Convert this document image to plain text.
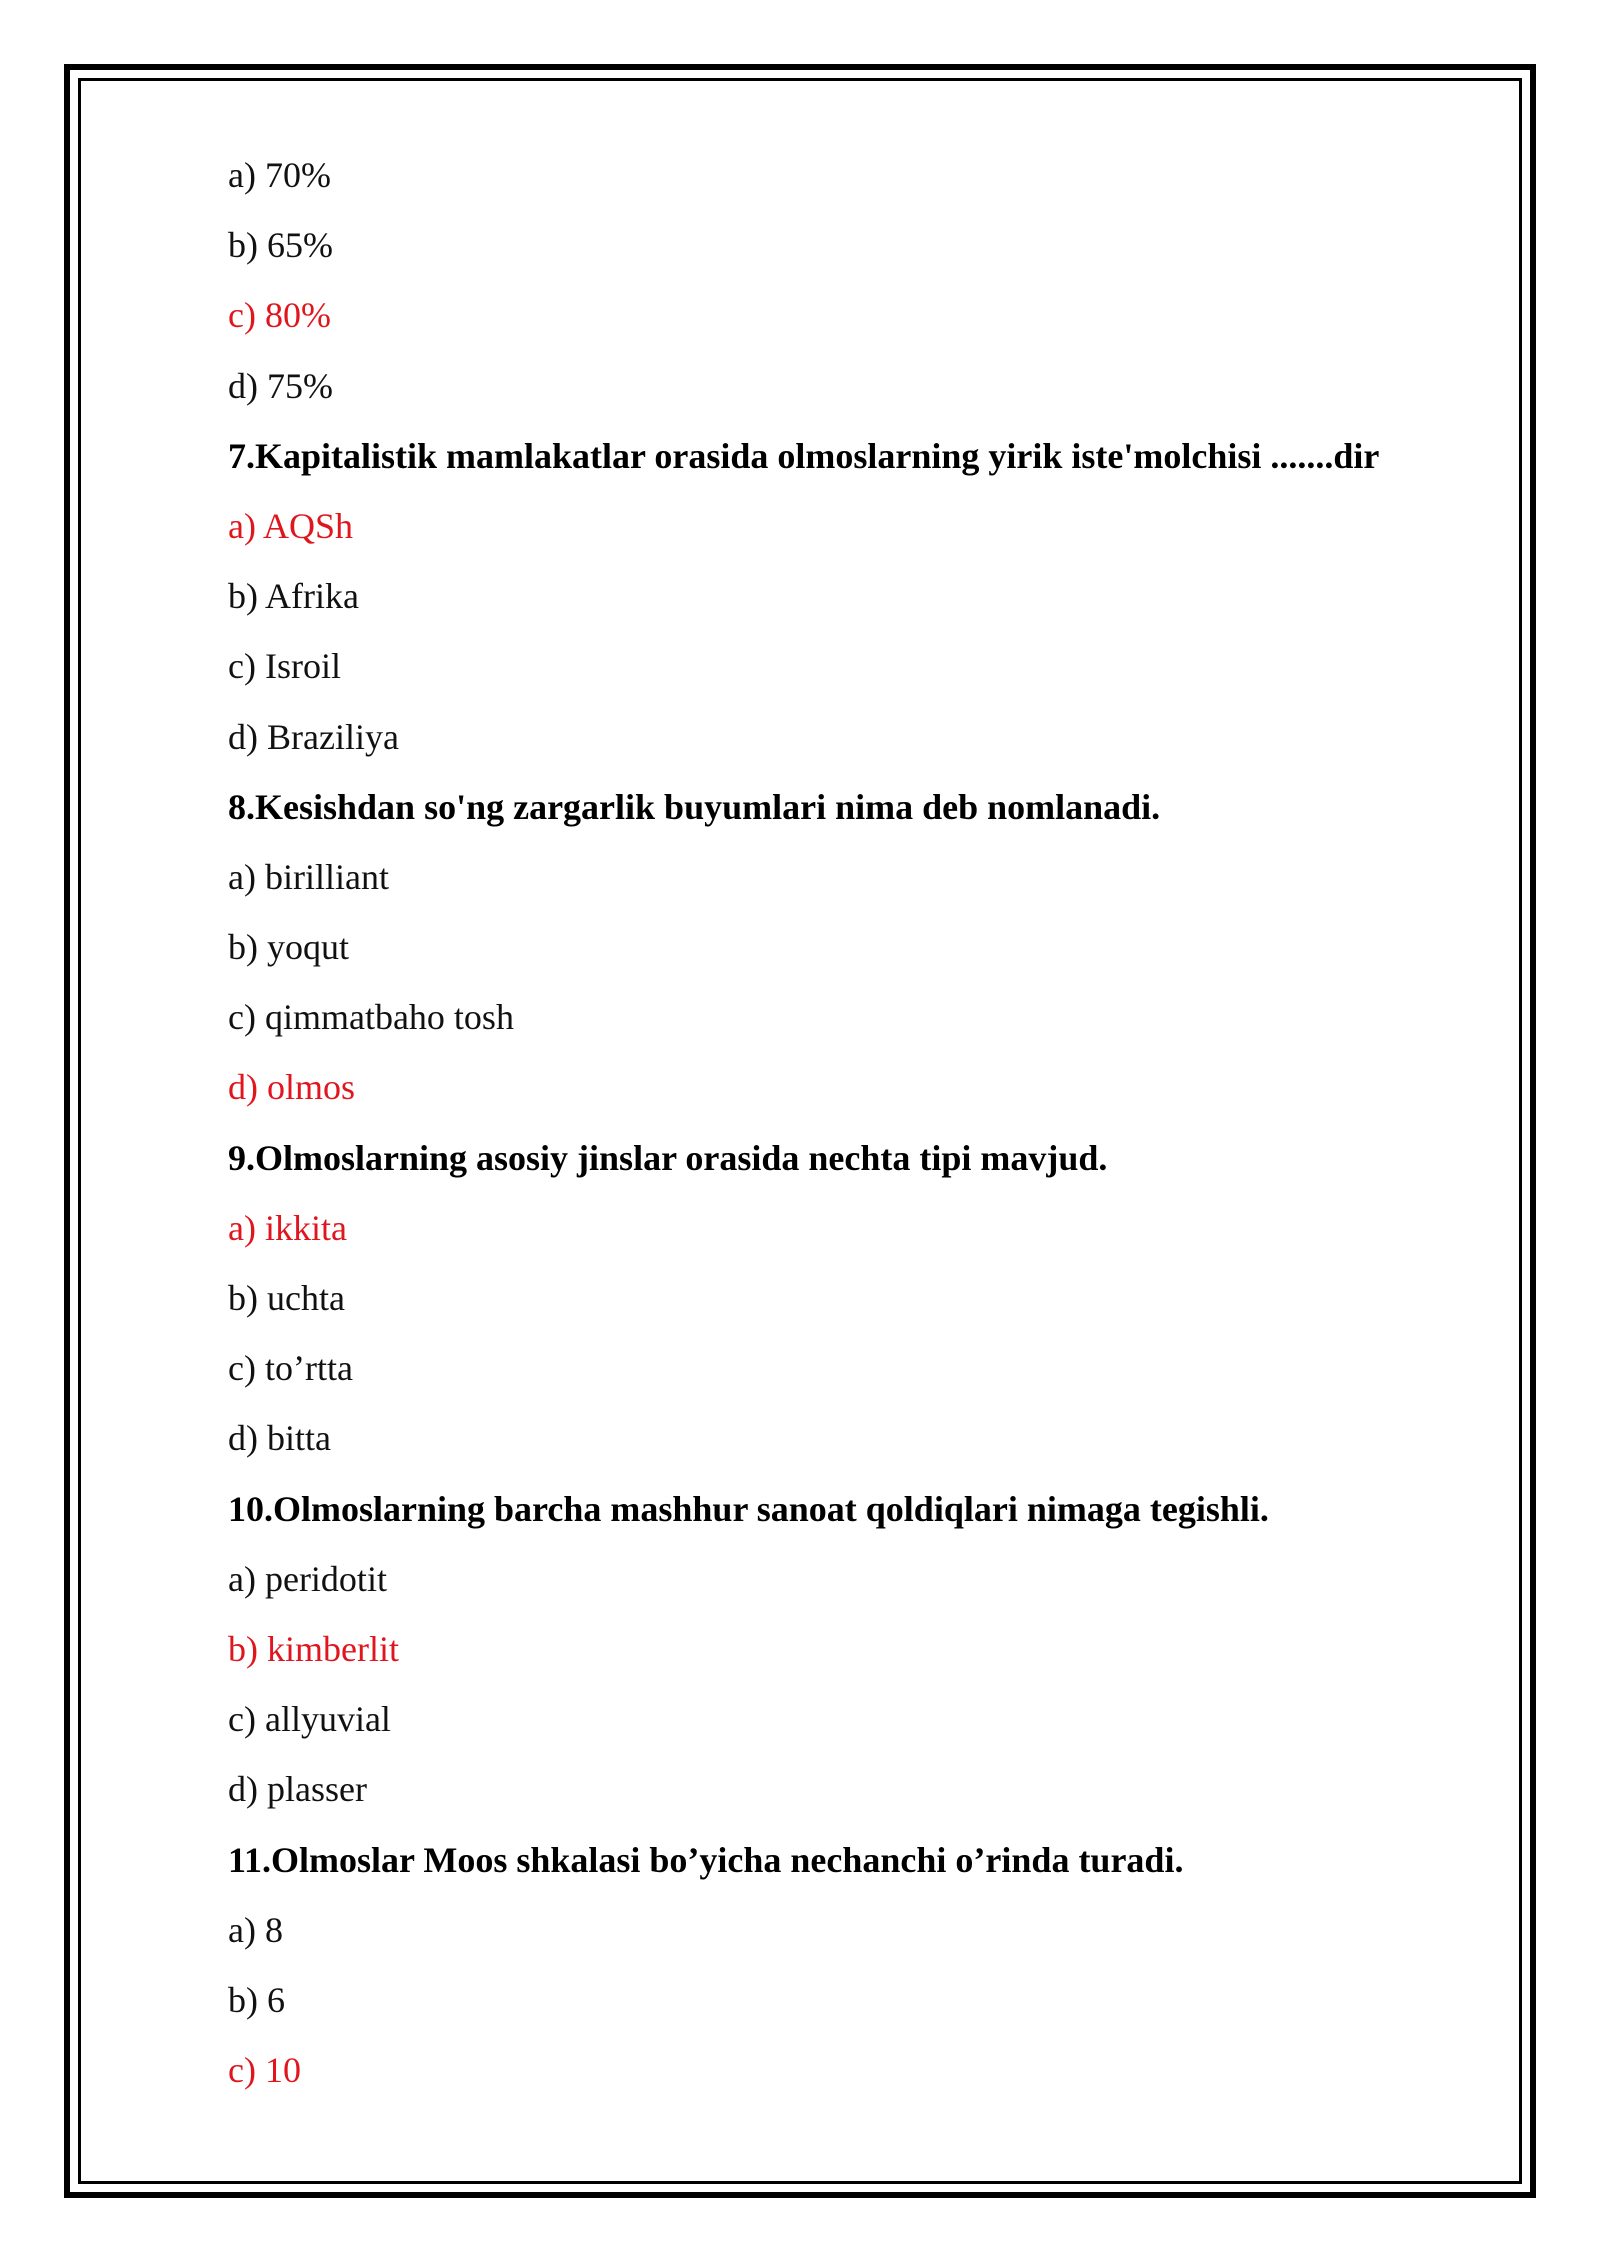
a) 70%
b) 65%
c) 80%
d) 75%
7.Kapitalistik mamlakatlar orasida olmoslarning yirik iste'molchisi .......dir
a) AQSh
b) Afrika
c) Isroil
d) Braziliya
8.Kesishdan so'ng zargarlik buyumlari nima deb nomlanadi.
a) birilliant
b) yoqut
c) qimmatbaho tosh
d) olmos
9.Olmoslarning asosiy jinslar orasida nechta tipi mavjud.
a) ikkita
b) uchta
c) to’rtta
d) bitta
10.Olmoslarning barcha mashhur sanoat qoldiqlari nimaga tegishli.
a) peridotit
b) kimberlit
c) allyuvial
d) plasser
11.Olmoslar Moos shkalasi bo’yicha nechanchi o’rinda turadi.
a) 8
b) 6
c) 10
